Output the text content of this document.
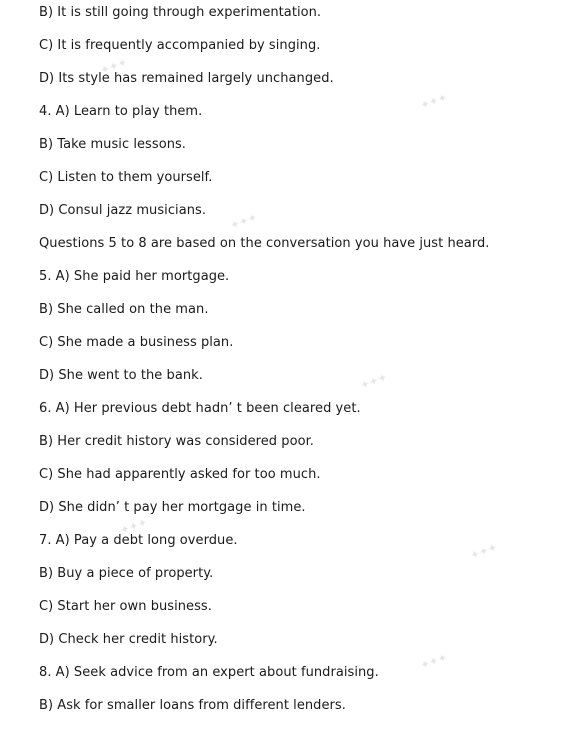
✦✦✦
✦✦✦
✦✦✦
✦✦✦
✦✦✦
✦✦✦
✦✦✦
B) It is still going through experimentation.
C) It is frequently accompanied by singing.
D) Its style has remained largely unchanged.
4. A) Learn to play them.
B) Take music lessons.
C) Listen to them yourself.
D) Consul jazz musicians.
Questions 5 to 8 are based on the conversation you have just heard.
5. A) She paid her mortgage.
B) She called on the man.
C) She made a business plan.
D) She went to the bank.
6. A) Her previous debt hadn’ t been cleared yet.
B) Her credit history was considered poor.
C) She had apparently asked for too much.
D) She didn’ t pay her mortgage in time.
7. A) Pay a debt long overdue.
B) Buy a piece of property.
C) Start her own business.
D) Check her credit history.
8. A) Seek advice from an expert about fundraising.
B) Ask for smaller loans from different lenders.
